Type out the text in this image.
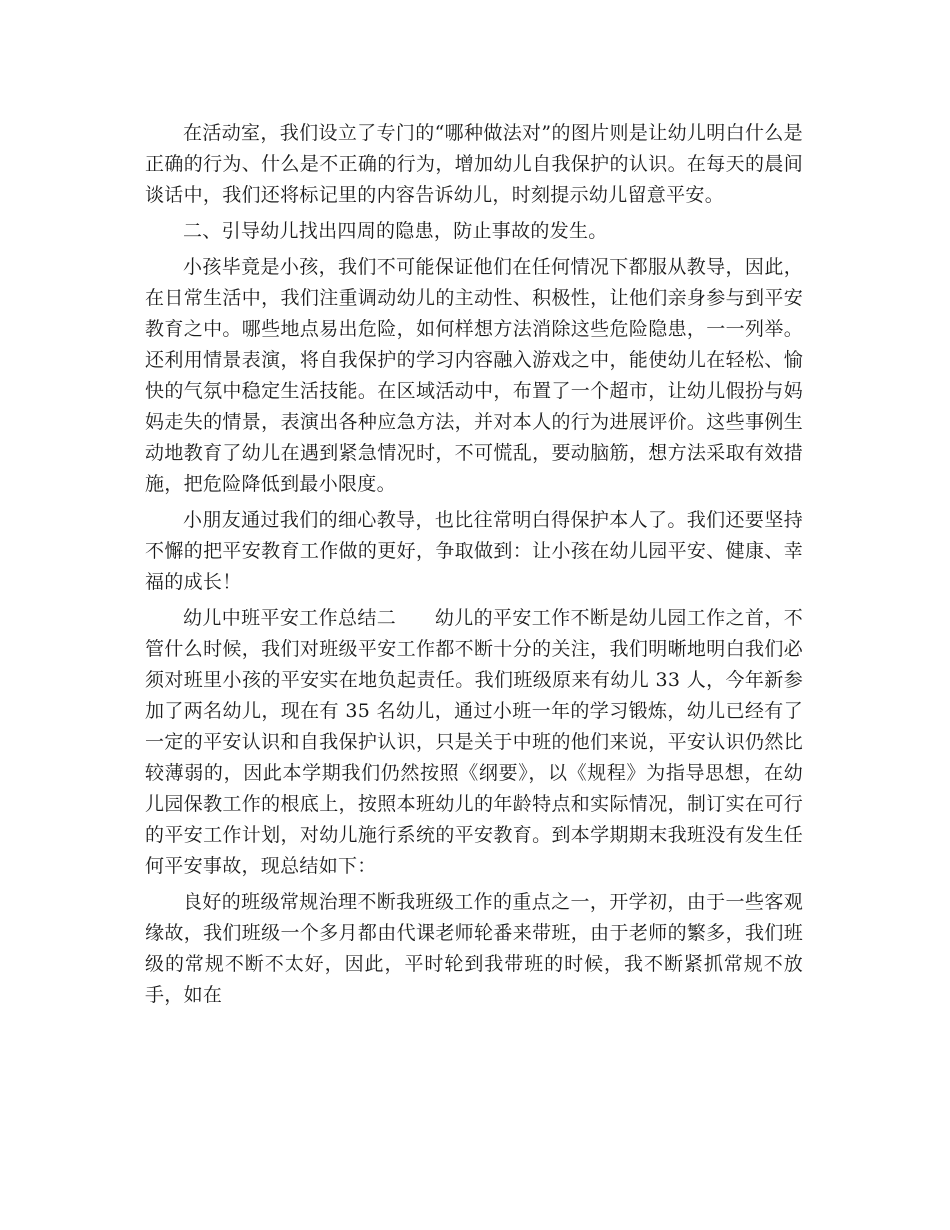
在活动室，我们设立了专门的“哪种做法对”的图片则是让幼儿明白什么是正确的行为、什么是不正确的行为，增加幼儿自我保护的认识。在每天的晨间谈话中，我们还将标记里的内容告诉幼儿，时刻提示幼儿留意平安。

二、引导幼儿找出四周的隐患，防止事故的发生。

小孩毕竟是小孩，我们不可能保证他们在任何情况下都服从教导，因此，在日常生活中，我们注重调动幼儿的主动性、积极性，让他们亲身参与到平安教育之中。哪些地点易出危险，如何样想方法消除这些危险隐患，一一列举。还利用情景表演，将自我保护的学习内容融入游戏之中，能使幼儿在轻松、愉快的气氛中稳定生活技能。在区域活动中，布置了一个超市，让幼儿假扮与妈妈走失的情景，表演出各种应急方法，并对本人的行为进展评价。这些事例生动地教育了幼儿在遇到紧急情况时，不可慌乱，要动脑筋，想方法采取有效措施，把危险降低到最小限度。

小朋友通过我们的细心教导，也比往常明白得保护本人了。我们还要坚持不懈的把平安教育工作做的更好，争取做到：让小孩在幼儿园平安、健康、幸福的成长！

幼儿中班平安工作总结二　　幼儿的平安工作不断是幼儿园工作之首，不管什么时候，我们对班级平安工作都不断十分的关注，我们明晰地明白我们必须对班里小孩的平安实在地负起责任。我们班级原来有幼儿 33 人，今年新参加了两名幼儿，现在有 35 名幼儿，通过小班一年的学习锻炼，幼儿已经有了一定的平安认识和自我保护认识，只是关于中班的他们来说，平安认识仍然比较薄弱的，因此本学期我们仍然按照《纲要》，以《规程》为指导思想，在幼儿园保教工作的根底上，按照本班幼儿的年龄特点和实际情况，制订实在可行的平安工作计划，对幼儿施行系统的平安教育。到本学期期末我班没有发生任何平安事故，现总结如下：

良好的班级常规治理不断我班级工作的重点之一，开学初，由于一些客观缘故，我们班级一个多月都由代课老师轮番来带班，由于老师的繁多，我们班级的常规不断不太好，因此，平时轮到我带班的时候，我不断紧抓常规不放手，如在
